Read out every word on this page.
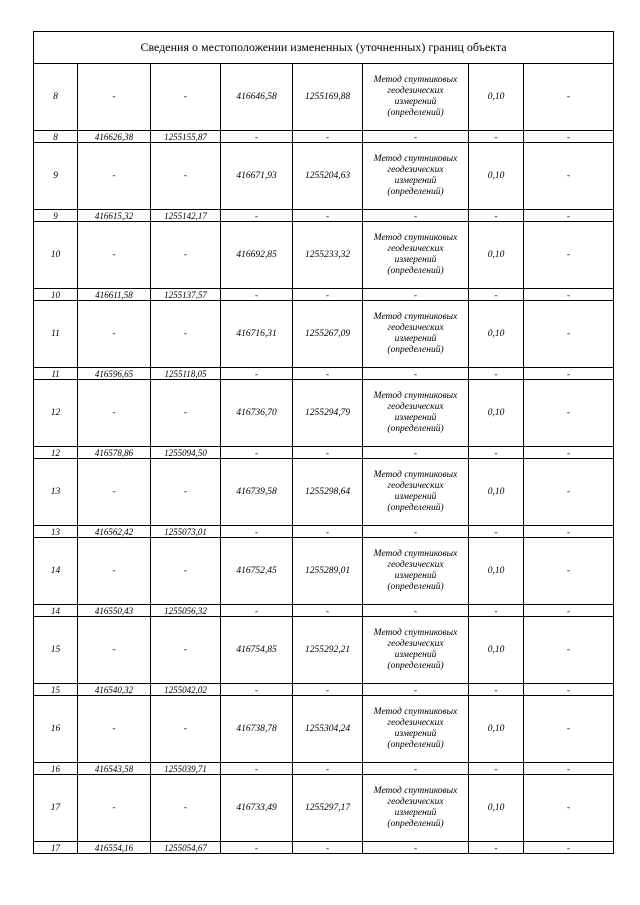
Сведения о местоположении измененных (уточненных) границ объекта							
8	-	-	416646,58	1255169,88	Метод спутниковых
геодезических
измерений
(определений)	0,10	-
8	416626,38	1255155,87	-	-	-	-	-
9	-	-	416671,93	1255204,63	Метод спутниковых
геодезических
измерений
(определений)	0,10	-
9	416615,32	1255142,17	-	-	-	-	-
10	-	-	416692,85	1255233,32	Метод спутниковых
геодезических
измерений
(определений)	0,10	-
10	416611,58	1255137,57	-	-	-	-	-
11	-	-	416716,31	1255267,09	Метод спутниковых
геодезических
измерений
(определений)	0,10	-
11	416596,65	1255118,05	-	-	-	-	-
12	-	-	416736,70	1255294,79	Метод спутниковых
геодезических
измерений
(определений)	0,10	-
12	416578,86	1255094,50	-	-	-	-	-
13	-	-	416739,58	1255298,64	Метод спутниковых
геодезических
измерений
(определений)	0,10	-
13	416562,42	1255073,01	-	-	-	-	-
14	-	-	416752,45	1255289,01	Метод спутниковых
геодезических
измерений
(определений)	0,10	-
14	416550,43	1255056,32	-	-	-	-	-
15	-	-	416754,85	1255292,21	Метод спутниковых
геодезических
измерений
(определений)	0,10	-
15	416540,32	1255042,02	-	-	-	-	-
16	-	-	416738,78	1255304,24	Метод спутниковых
геодезических
измерений
(определений)	0,10	-
16	416543,58	1255039,71	-	-	-	-	-
17	-	-	416733,49	1255297,17	Метод спутниковых
геодезических
измерений
(определений)	0,10	-
17	416554,16	1255054,67	-	-	-	-	-
